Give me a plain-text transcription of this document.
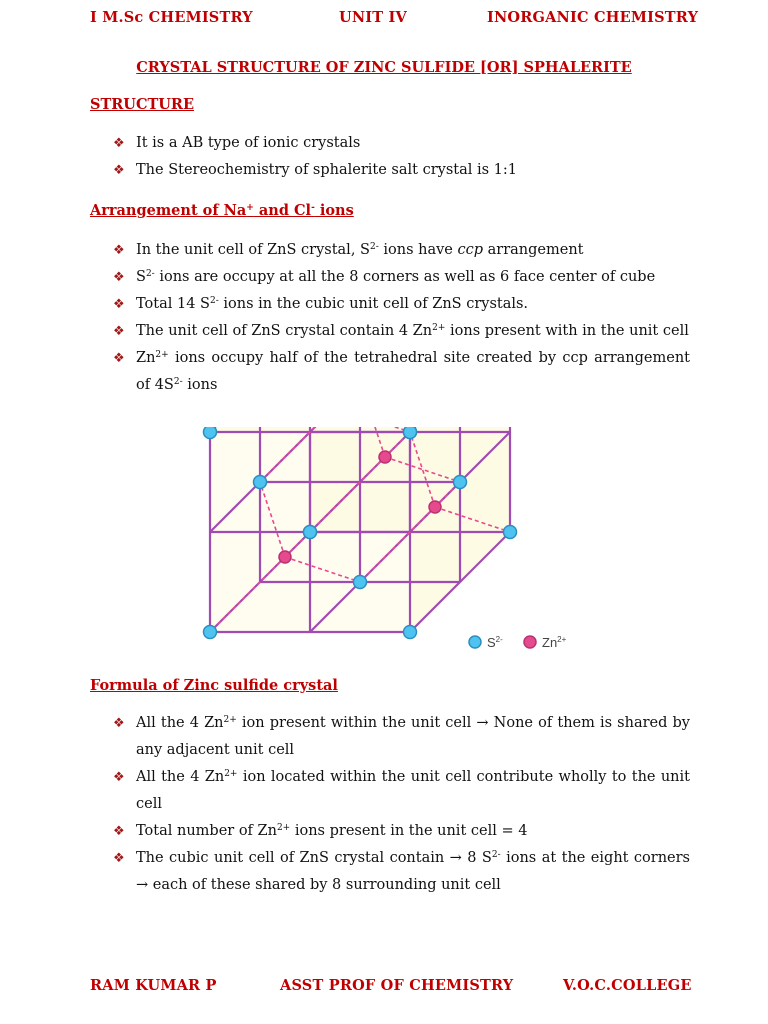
I M.Sc CHEMISTRY	UNIT IV	INORGANIC CHEMISTRY
CRYSTAL STRUCTURE OF ZINC SULFIDE [OR] SPHALERITE
STRUCTURE
❖ It is a AB type of ionic crystals
❖ The Stereochemistry of sphalerite salt crystal is 1:1
Arrangement of Na+ and Cl- ions
❖ In the unit cell of ZnS crystal, $S^{2-}$ ions have ccp arrangement
❖ $S^{2-}$ ions are occupy at all the 8 corners as well as 6 face center of cube
❖ Total 14 $S^{2-}$ ions in the cubic unit cell of ZnS crystals.
❖ The unit cell of ZnS crystal contain 4 $Zn^{2+}$ ions present with in the unit cell
❖ $Zn^{2+}$ ions occupy half of the tetrahedral site created by ccp arrangement of $4S^{2-}$ ions
$S^{2-}$	$Zn^{2+}$
Formula of Zinc sulfide crystal
❖ All the 4 $Zn^{2+}$ ion present within the unit cell → None of them is shared by any adjacent unit cell
❖ All the 4 $Zn^{2+}$ ion located within the unit cell contribute wholly to the unit cell
❖ Total number of $Zn^{2+}$ ions present in the unit cell = 4
❖ The cubic unit cell of ZnS crystal contain → 8 $S^{2-}$ ions at the eight corners → each of these shared by 8 surrounding unit cell
RAM KUMAR P	ASST PROF OF CHEMISTRY	V.O.C.COLLEGE
